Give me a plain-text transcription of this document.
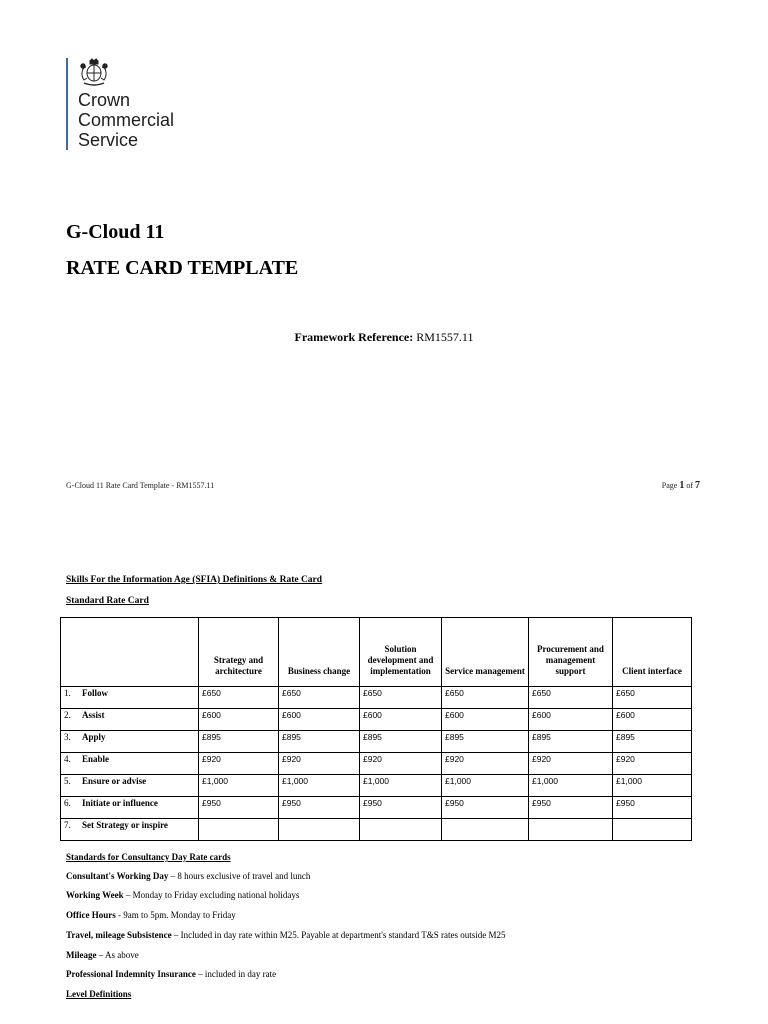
Crown
Commercial
Service
G-Cloud 11
RATE CARD TEMPLATE
Framework Reference: RM1557.11
G-Cloud 11 Rate Card Template - RM1557.11	Page 1 of 7
Skills For the Information Age (SFIA) Definitions & Rate Card
Standard Rate Card
	Strategy and architecture	Business change	Solution development and implementation	Service management	Procurement and management support	Client interface
1. Follow	£650	£650	£650	£650	£650	£650
2. Assist	£600	£600	£600	£600	£600	£600
3. Apply	£895	£895	£895	£895	£895	£895
4. Enable	£920	£920	£920	£920	£920	£920
5. Ensure or advise	£1,000	£1,000	£1,000	£1,000	£1,000	£1,000
6. Initiate or influence	£950	£950	£950	£950	£950	£950
7. Set Strategy or inspire						
Standards for Consultancy Day Rate cards
Consultant's Working Day – 8 hours exclusive of travel and lunch
Working Week – Monday to Friday excluding national holidays
Office Hours - 9am to 5pm. Monday to Friday
Travel, mileage Subsistence – Included in day rate within M25. Payable at department's standard T&S rates outside M25
Mileage – As above
Professional Indemnity Insurance – included in day rate
Level Definitions
